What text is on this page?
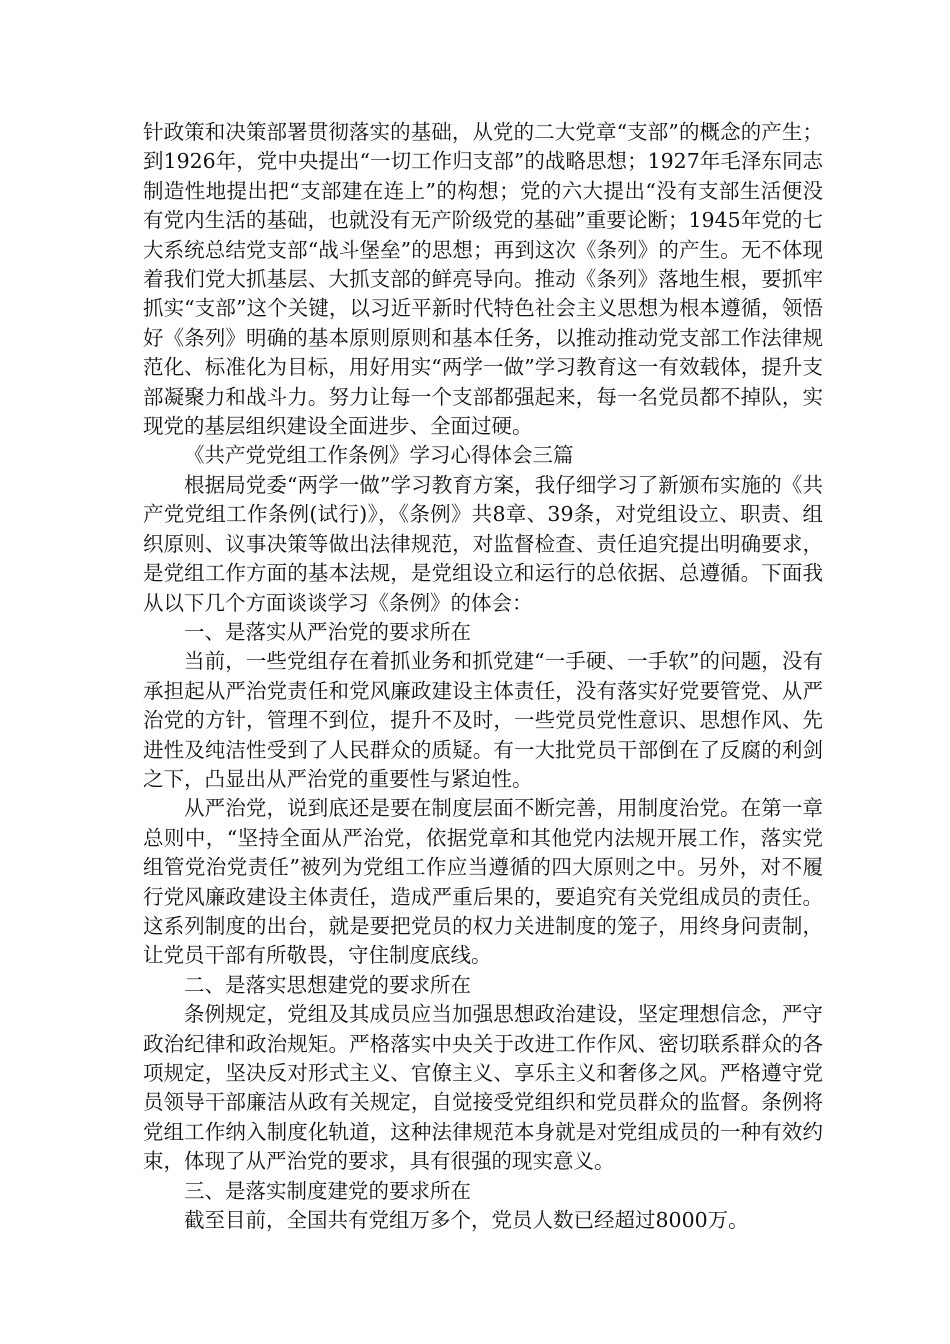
针政策和决策部署贯彻落实的基础，从党的二大党章“支部”的概念的产生；到1926年，党中央提出“一切工作归支部”的战略思想；1927年毛泽东同志制造性地提出把“支部建在连上”的构想；党的六大提出“没有支部生活便没有党内生活的基础，也就没有无产阶级党的基础”重要论断；1945年党的七大系统总结党支部“战斗堡垒”的思想；再到这次《条列》的产生。无不体现着我们党大抓基层、大抓支部的鲜亮导向。推动《条列》落地生根，要抓牢抓实“支部”这个关键，以习近平新时代特色社会主义思想为根本遵循，领悟好《条列》明确的基本原则原则和基本任务，以推动推动党支部工作法律规范化、标准化为目标，用好用实“两学一做”学习教育这一有效载体，提升支部凝聚力和战斗力。努力让每一个支部都强起来，每一名党员都不掉队，实现党的基层组织建设全面进步、全面过硬。

《共产党党组工作条例》学习心得体会三篇

根据局党委“两学一做”学习教育方案，我仔细学习了新颁布实施的《共产党党组工作条例(试行)》，《条例》共8章、39条，对党组设立、职责、组织原则、议事决策等做出法律规范，对监督检查、责任追究提出明确要求，是党组工作方面的基本法规，是党组设立和运行的总依据、总遵循。下面我从以下几个方面谈谈学习《条例》的体会：

一、是落实从严治党的要求所在

当前，一些党组存在着抓业务和抓党建“一手硬、一手软”的问题，没有承担起从严治党责任和党风廉政建设主体责任，没有落实好党要管党、从严治党的方针，管理不到位，提升不及时，一些党员党性意识、思想作风、先进性及纯洁性受到了人民群众的质疑。有一大批党员干部倒在了反腐的利剑之下，凸显出从严治党的重要性与紧迫性。

从严治党，说到底还是要在制度层面不断完善，用制度治党。在第一章总则中，“坚持全面从严治党，依据党章和其他党内法规开展工作，落实党组管党治党责任”被列为党组工作应当遵循的四大原则之中。另外，对不履行党风廉政建设主体责任，造成严重后果的，要追究有关党组成员的责任。这系列制度的出台，就是要把党员的权力关进制度的笼子，用终身问责制，让党员干部有所敬畏，守住制度底线。

二、是落实思想建党的要求所在

条例规定，党组及其成员应当加强思想政治建设，坚定理想信念，严守政治纪律和政治规矩。严格落实中央关于改进工作作风、密切联系群众的各项规定，坚决反对形式主义、官僚主义、享乐主义和奢侈之风。严格遵守党员领导干部廉洁从政有关规定，自觉接受党组织和党员群众的监督。条例将党组工作纳入制度化轨道，这种法律规范本身就是对党组成员的一种有效约束，体现了从严治党的要求，具有很强的现实意义。

三、是落实制度建党的要求所在

截至目前，全国共有党组万多个，党员人数已经超过8000万。
